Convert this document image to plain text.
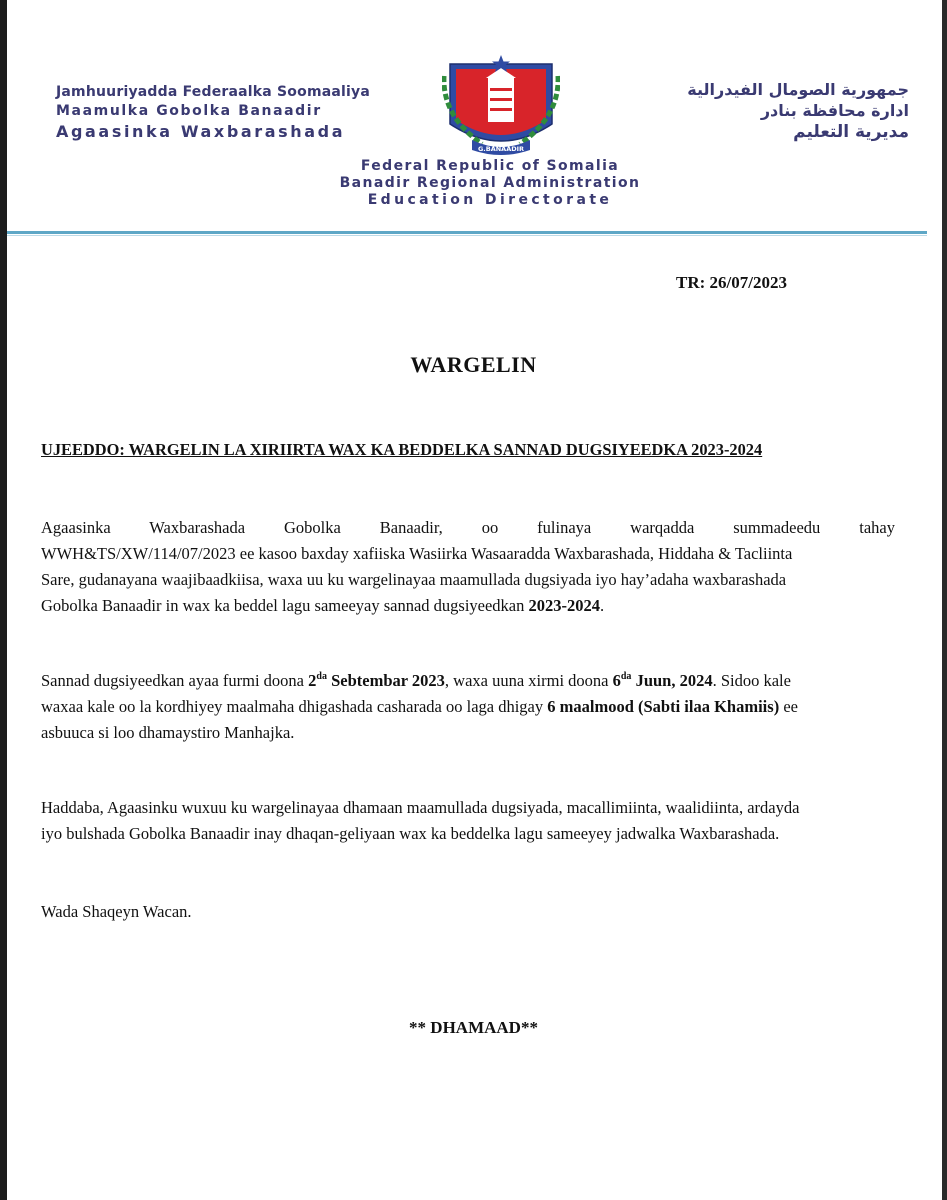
Jamhuuriyadda Federaalka Soomaaliya
Maamulka Gobolka Banaadir
Agaasinka Waxbarashada
G.BANAADIR
جمهورية الصومال الفيدرالية
ادارة محافظة بنادر
مديرية التعليم
Federal Republic of Somalia
Banadir Regional Administration
Education Directorate
TR: 26/07/2023
WARGELIN
UJEEDDO: WARGELIN LA XIRIIRTA WAX KA BEDDELKA SANNAD DUGSIYEEDKA 2023-2024
Agaasinka Waxbarashada Gobolka Banaadir, oo fulinaya warqadda summadeedu tahay
WWH&TS/XW/114/07/2023 ee kasoo baxday xafiiska Wasiirka Wasaaradda Waxbarashada, Hiddaha & Tacliinta
Sare, gudanayana waajibaadkiisa, waxa uu ku wargelinayaa maamullada dugsiyada iyo hay’adaha waxbarashada
Gobolka Banaadir in wax ka beddel lagu sameeyay sannad dugsiyeedkan 2023-2024.
Sannad dugsiyeedkan ayaa furmi doona $2^{da}$ Sebtembar 2023, waxa uuna xirmi doona $6^{da}$ Juun, 2024. Sidoo kale
waxaa kale oo la kordhiyey maalmaha dhigashada casharada oo laga dhigay 6 maalmood (Sabti ilaa Khamiis) ee
asbuuca si loo dhamaystiro Manhajka.
Haddaba, Agaasinku wuxuu ku wargelinayaa dhamaan maamullada dugsiyada, macallimiinta, waalidiinta, ardayda
iyo bulshada Gobolka Banaadir inay dhaqan-geliyaan wax ka beddelka lagu sameeyey jadwalka Waxbarashada.
Wada Shaqeyn Wacan.
** DHAMAAD**
